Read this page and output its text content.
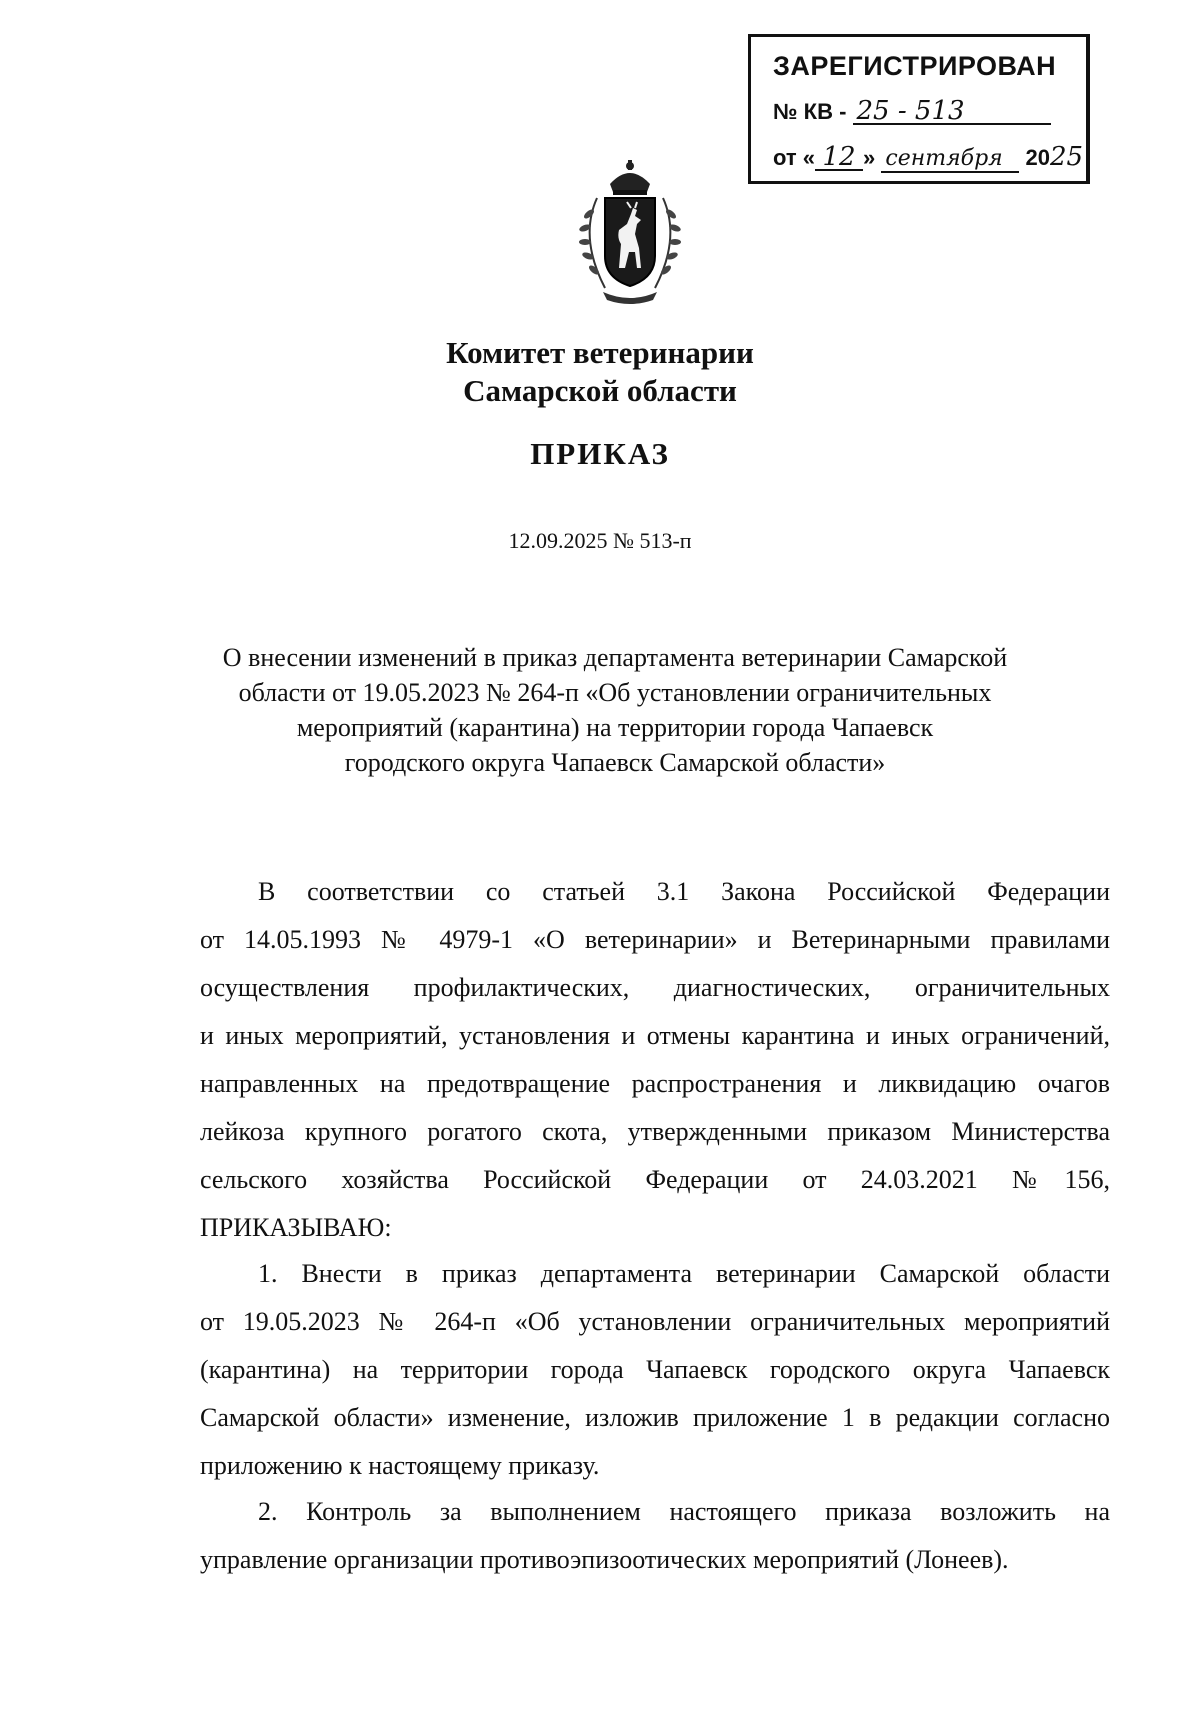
ЗАРЕГИСТРИРОВАН
№ КВ - 25 - 513
от « 12 » сентября 2025
Комитет ветеринарии
Самарской области
ПРИКАЗ
12.09.2025 № 513-п
О внесении изменений в приказ департамента ветеринарии Самарской
области от 19.05.2023 № 264-п «Об установлении ограничительных
мероприятий (карантина) на территории города Чапаевск
городского округа Чапаевск Самарской области»
В соответствии со статьей 3.1 Закона Российской Федерации
от 14.05.1993 № 4979-1 «О ветеринарии» и Ветеринарными правилами
осуществления профилактических, диагностических, ограничительных
и иных мероприятий, установления и отмены карантина и иных ограничений,
направленных на предотвращение распространения и ликвидацию очагов
лейкоза крупного рогатого скота, утвержденными приказом Министерства
сельского хозяйства Российской Федерации от 24.03.2021 №156,
ПРИКАЗЫВАЮ:
1. Внести в приказ департамента ветеринарии Самарской области
от 19.05.2023 № 264-п «Об установлении ограничительных мероприятий
(карантина) на территории города Чапаевск городского округа Чапаевск
Самарской области» изменение, изложив приложение 1 в редакции согласно
приложению к настоящему приказу.
2. Контроль за выполнением настоящего приказа возложить на
управление организации противоэпизоотических мероприятий (Лонеев).
